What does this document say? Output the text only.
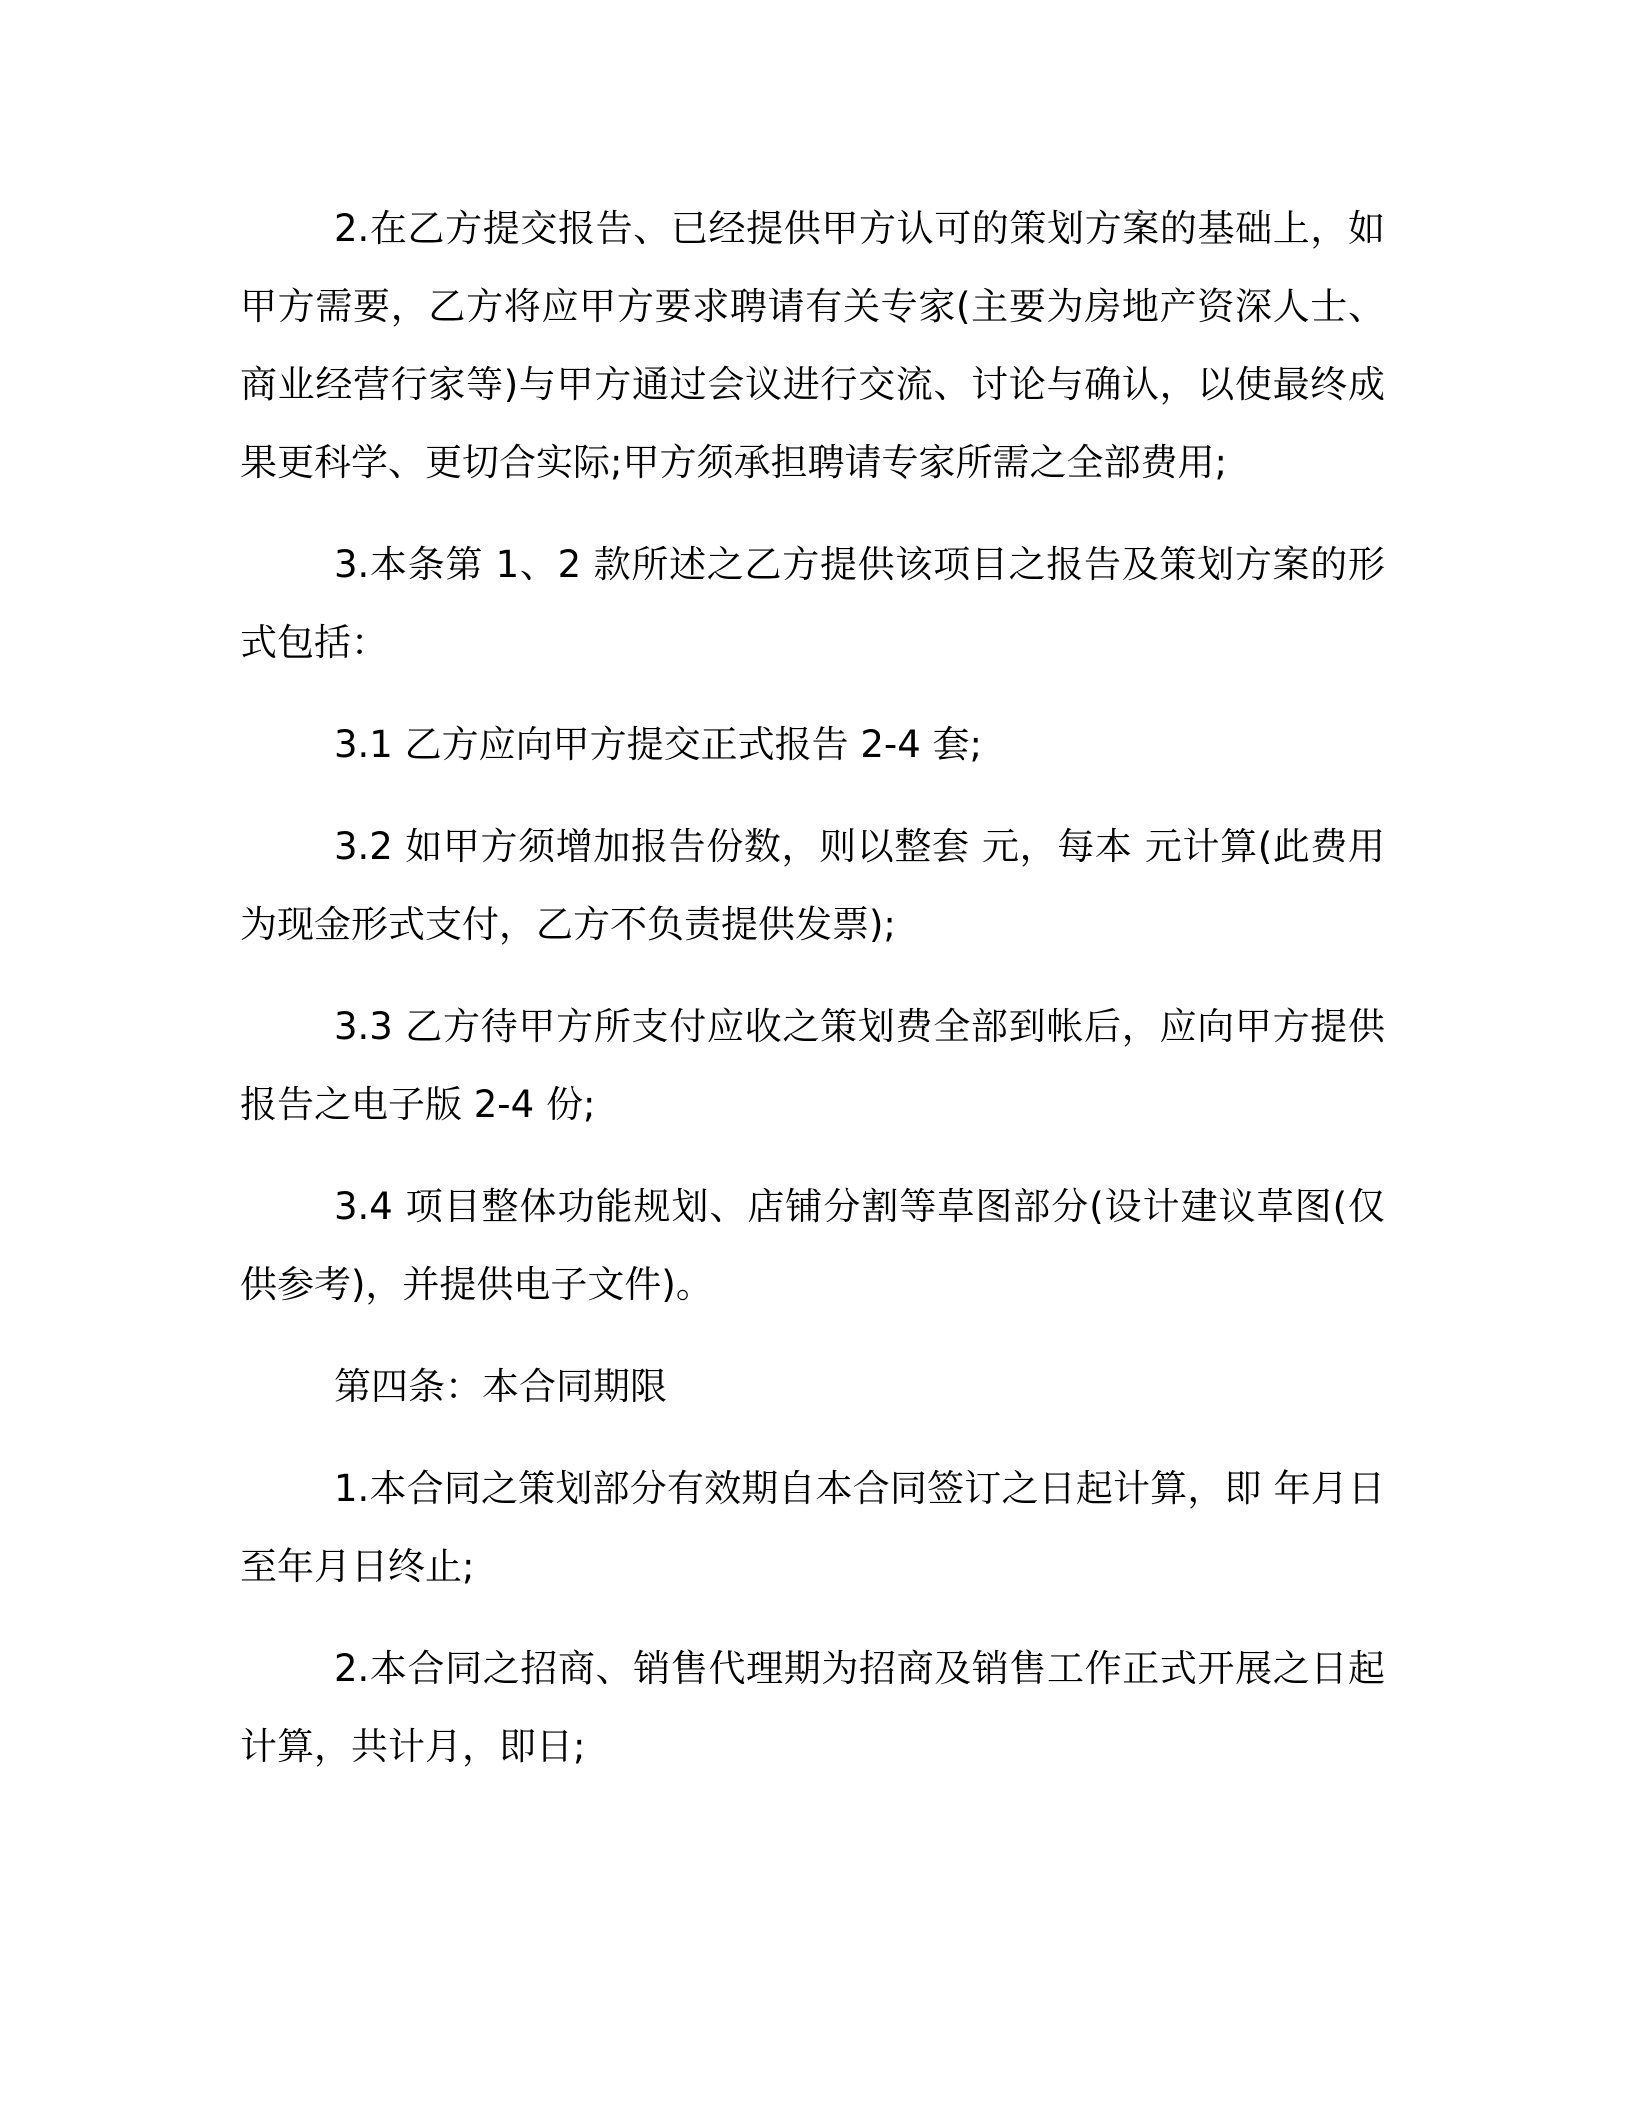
2.在乙方提交报告、已经提供甲方认可的策划方案的基础上，如甲方需要，乙方将应甲方要求聘请有关专家(主要为房地产资深人士、商业经营行家等)与甲方通过会议进行交流、讨论与确认，以使最终成果更科学、更切合实际;甲方须承担聘请专家所需之全部费用;

3.本条第 1、2 款所述之乙方提供该项目之报告及策划方案的形式包括：

3.1 乙方应向甲方提交正式报告 2-4 套;

3.2 如甲方须增加报告份数，则以整套 元，每本 元计算(此费用为现金形式支付，乙方不负责提供发票);

3.3 乙方待甲方所支付应收之策划费全部到帐后，应向甲方提供报告之电子版 2-4 份;

3.4 项目整体功能规划、店铺分割等草图部分(设计建议草图(仅供参考)，并提供电子文件)。

第四条：本合同期限

1.本合同之策划部分有效期自本合同签订之日起计算，即 年月日至年月日终止;

2.本合同之招商、销售代理期为招商及销售工作正式开展之日起计算，共计月，即日;
